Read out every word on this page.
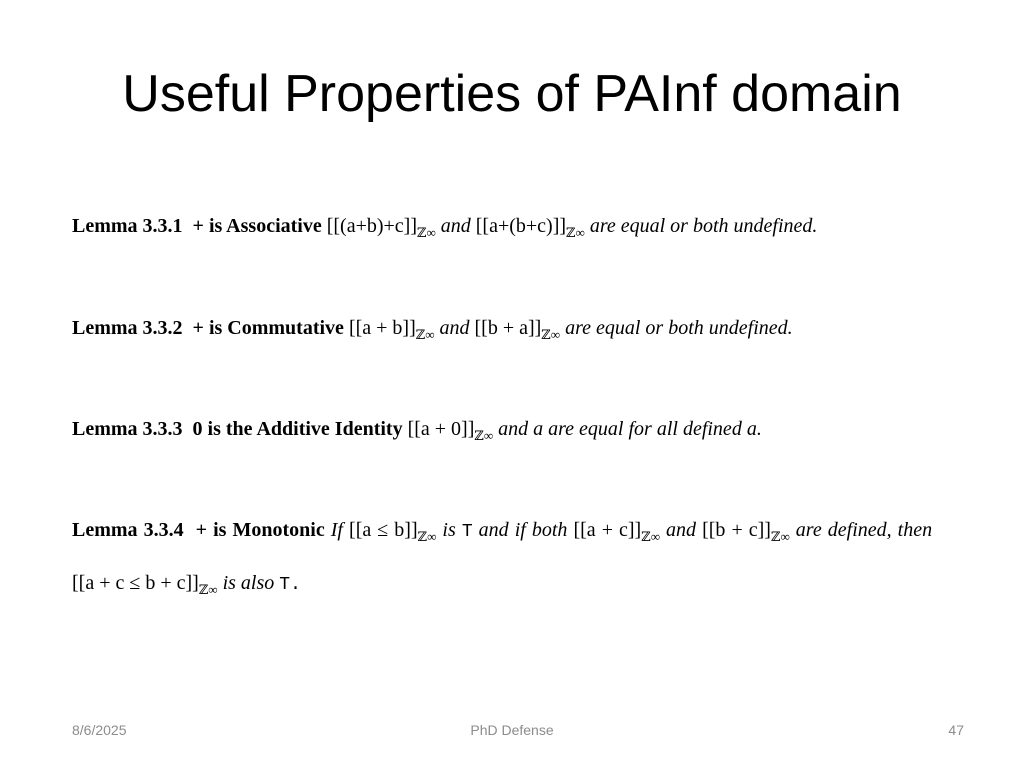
Useful Properties of PAInf domain
Lemma 3.3.1 + is Associative $[[(a+b)+c]]_{ℤ\infty}$ and $[[a+(b+c)]]_{ℤ\infty}$ are equal or both undefined.
Lemma 3.3.2 + is Commutative $[[a + b]]_{ℤ\infty}$ and $[[b + a]]_{ℤ\infty}$ are equal or both undefined.
Lemma 3.3.3 0 is the Additive Identity $[[a + 0]]_{ℤ\infty}$ and a are equal for all defined a.
Lemma 3.3.4 + is Monotonic If $[[a \le b]]_{ℤ\infty}$ is T and if both $[[a + c]]_{ℤ\infty}$ and $[[b + c]]_{ℤ\infty}$ are defined, then $[[a + c \le b + c]]_{ℤ\infty}$ is also T.
8/6/2025	PhD Defense	47
